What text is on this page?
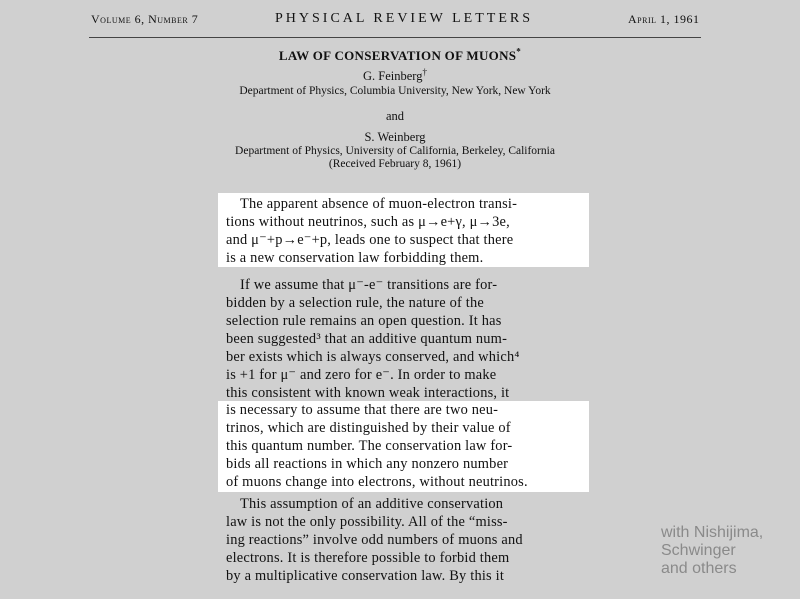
Volume 6, Number 7	PHYSICAL REVIEW LETTERS	April 1, 1961
LAW OF CONSERVATION OF MUONS*
G. Feinberg†
Department of Physics, Columbia University, New York, New York
and
S. Weinberg
Department of Physics, University of California, Berkeley, California
(Received February 8, 1961)
The apparent absence of muon-electron transi-
tions without neutrinos, such as μ→e+γ, μ→3e,
and μ⁻+p→e⁻+p, leads one to suspect that there
is a new conservation law forbidding them.
If we assume that μ⁻-e⁻ transitions are for-
bidden by a selection rule, the nature of the
selection rule remains an open question. It has
been suggested³ that an additive quantum num-
ber exists which is always conserved, and which⁴
is +1 for μ⁻ and zero for e⁻. In order to make
this consistent with known weak interactions, it
is necessary to assume that there are two neu-
trinos, which are distinguished by their value of
this quantum number. The conservation law for-
bids all reactions in which any nonzero number
of muons change into electrons, without neutrinos.
This assumption of an additive conservation
law is not the only possibility. All of the “miss-
ing reactions” involve odd numbers of muons and
electrons. It is therefore possible to forbid them
by a multiplicative conservation law. By this it
with Nishijima,
Schwinger
and others
